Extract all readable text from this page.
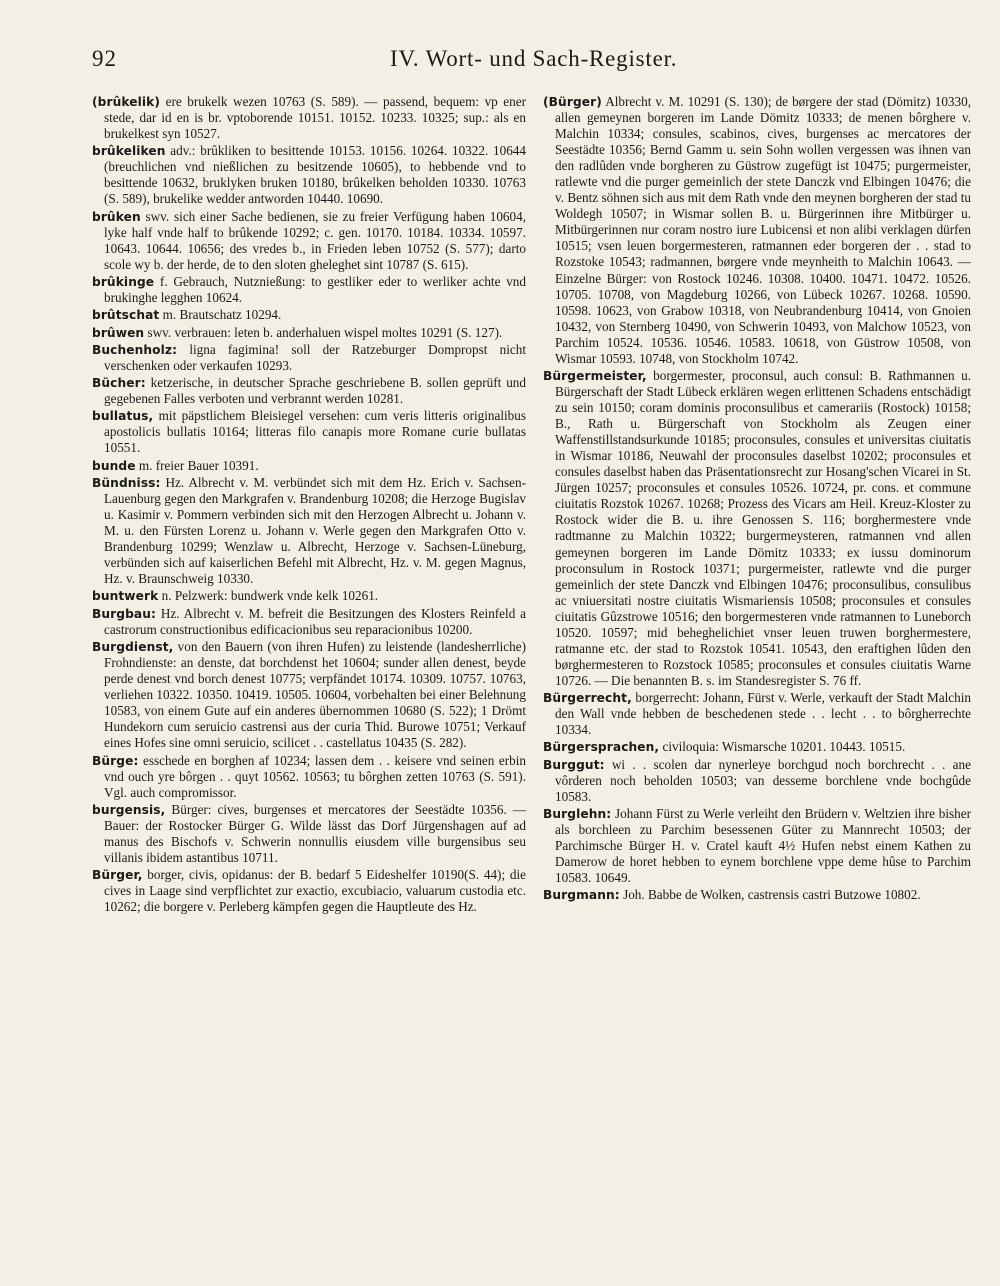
92	IV. Wort- und Sach-Register.

(brûkelik) ere brukelk wezen 10763 (S. 589). — passend, bequem: vp ener stede, dar id en is br. vptoborende 10151. 10152. 10233. 10325; sup.: als en brukelkest syn 10527.

brûkeliken adv.: brûkliken to besittende 10153. 10156. 10264. 10322. 10644 (breuchlichen vnd nießlichen zu besitzende 10605), to hebbende vnd to besittende 10632, bruklyken bruken 10180, brûkelken beholden 10330. 10763 (S. 589), brukelike wedder antworden 10440. 10690.

brûken swv. sich einer Sache bedienen, sie zu freier Verfügung haben 10604, lyke half vnde half to brûkende 10292; c. gen. 10170. 10184. 10334. 10597. 10643. 10644. 10656; des vredes b., in Frieden leben 10752 (S. 577); darto scole wy b. der herde, de to den sloten gheleghet sint 10787 (S. 615).

brûkinge f. Gebrauch, Nutznießung: to gestliker eder to werliker achte vnd brukinghe legghen 10624.

brûtschat m. Brautschatz 10294.

brûwen swv. verbrauen: leten b. anderhaluen wispel moltes 10291 (S. 127).

Buchenholz: ligna fagimina! soll der Ratzeburger Dompropst nicht verschenken oder verkaufen 10293.

Bücher: ketzerische, in deutscher Sprache geschriebene B. sollen geprüft und gegebenen Falles verboten und verbrannt werden 10281.

bullatus, mit päpstlichem Bleisiegel versehen: cum veris litteris originalibus apostolicis bullatis 10164; litteras filo canapis more Romane curie bullatas 10551.

bunde m. freier Bauer 10391.

Bündniss: Hz. Albrecht v. M. verbündet sich mit dem Hz. Erich v. Sachsen-Lauenburg gegen den Markgrafen v. Brandenburg 10208; die Herzoge Bugislav u. Kasimir v. Pommern verbinden sich mit den Herzogen Albrecht u. Johann v. M. u. den Fürsten Lorenz u. Johann v. Werle gegen den Markgrafen Otto v. Brandenburg 10299; Wenzlaw u. Albrecht, Herzoge v. Sachsen-Lüneburg, verbünden sich auf kaiserlichen Befehl mit Albrecht, Hz. v. M. gegen Magnus, Hz. v. Braunschweig 10330.

buntwerk n. Pelzwerk: bundwerk vnde kelk 10261.

Burgbau: Hz. Albrecht v. M. befreit die Besitzungen des Klosters Reinfeld a castrorum constructionibus edificacionibus seu reparacionibus 10200.

Burgdienst, von den Bauern (von ihren Hufen) zu leistende (landesherrliche) Frohndienste: an denste, dat borchdenst het 10604; sunder allen denest, beyde perde denest vnd borch denest 10775; verpfändet 10174. 10309. 10757. 10763, verliehen 10322. 10350. 10419. 10505. 10604, vorbehalten bei einer Belehnung 10583, von einem Gute auf ein anderes übernommen 10680 (S. 522); 1 Drömt Hundekorn cum seruicio castrensi aus der curia Thid. Burowe 10751; Verkauf eines Hofes sine omni seruicio, scilicet . . castellatus 10435 (S. 282).

Bürge: esschede en borghen af 10234; lassen dem . . keisere vnd seinen erbin vnd ouch yre bôrgen . . quyt 10562. 10563; tu bôrghen zetten 10763 (S. 591). Vgl. auch compromissor.

burgensis, Bürger: cives, burgenses et mercatores der Seestädte 10356. — Bauer: der Rostocker Bürger G. Wilde lässt das Dorf Jürgenshagen auf ad manus des Bischofs v. Schwerin nonnullis eiusdem ville burgensibus seu villanis ibidem astantibus 10711.

Bürger, borger, civis, opidanus: der B. bedarf 5 Eideshelfer 10190(S. 44); die cives in Laage sind verpflichtet zur exactio, excubiacio, valuarum custodia etc. 10262; die borgere v. Perleberg kämpfen gegen die Hauptleute des Hz.

(Bürger) Albrecht v. M. 10291 (S. 130); de børgere der stad (Dömitz) 10330, allen gemeynen borgeren im Lande Dömitz 10333; de menen bôrghere v. Malchin 10334; consules, scabinos, cives, burgenses ac mercatores der Seestädte 10356; Bernd Gamm u. sein Sohn wollen vergessen was ihnen van den radlûden vnde borgheren zu Güstrow zugefügt ist 10475; purgermeister, ratlewte vnd die purger gemeinlich der stete Danczk vnd Elbingen 10476; die v. Bentz söhnen sich aus mit dem Rath vnde den meynen borgheren der stad tu Woldegh 10507; in Wismar sollen B. u. Bürgerinnen ihre Mitbürger u. Mitbürgerinnen nur coram nostro iure Lubicensi et non alibi verklagen dürfen 10515; vsen leuen borgermesteren, ratmannen eder borgeren der . . stad to Rozstoke 10543; radmannen, børgere vnde meynheith to Malchin 10643. — Einzelne Bürger: von Rostock 10246. 10308. 10400. 10471. 10472. 10526. 10705. 10708, von Magdeburg 10266, von Lübeck 10267. 10268. 10590. 10598. 10623, von Grabow 10318, von Neubrandenburg 10414, von Gnoien 10432, von Sternberg 10490, von Schwerin 10493, von Malchow 10523, von Parchim 10524. 10536. 10546. 10583. 10618, von Güstrow 10508, von Wismar 10593. 10748, von Stockholm 10742.

Bürgermeister, borgermester, proconsul, auch consul: B. Rathmannen u. Bürgerschaft der Stadt Lübeck erklären wegen erlittenen Schadens entschädigt zu sein 10150; coram dominis proconsulibus et camerariis (Rostock) 10158; B., Rath u. Bürgerschaft von Stockholm als Zeugen einer Waffenstillstandsurkunde 10185; proconsules, consules et universitas ciuitatis in Wismar 10186, Neuwahl der proconsules daselbst 10202; proconsules et consules daselbst haben das Präsentationsrecht zur Hosang'schen Vicarei in St. Jürgen 10257; proconsules et consules 10526. 10724, pr. cons. et commune ciuitatis Rozstok 10267. 10268; Prozess des Vicars am Heil. Kreuz-Kloster zu Rostock wider die B. u. ihre Genossen S. 116; borghermestere vnde radtmanne zu Malchin 10322; burgermeysteren, ratmannen vnd allen gemeynen borgeren im Lande Dömitz 10333; ex iussu dominorum proconsulum in Rostock 10371; purgermeister, ratlewte vnd die purger gemeinlich der stete Danczk vnd Elbingen 10476; proconsulibus, consulibus ac vniuersitati nostre ciuitatis Wismariensis 10508; proconsules et consules ciuitatis Gûzstrowe 10516; den borgermesteren vnde ratmannen to Luneborch 10520. 10597; mid beheghelichiet vnser leuen truwen borghermestere, ratmanne etc. der stad to Rozstok 10541. 10543, den eraftighen lûden den børghermesteren to Rozstock 10585; proconsules et consules ciuitatis Warne 10726. — Die benannten B. s. im Standesregister S. 76 ff.

Bürgerrecht, borgerrecht: Johann, Fürst v. Werle, verkauft der Stadt Malchin den Wall vnde hebben de beschedenen stede . . lecht . . to bôrgherrechte 10334.

Bürgersprachen, civiloquia: Wismarsche 10201. 10443. 10515.

Burggut: wi . . scolen dar nynerleye borchgud noch borchrecht . . ane vôrderen noch beholden 10503; van desseme borchlene vnde bochgûde 10583.

Burglehn: Johann Fürst zu Werle verleiht den Brüdern v. Weltzien ihre bisher als borchleen zu Parchim besessenen Güter zu Mannrecht 10503; der Parchimsche Bürger H. v. Cratel kauft 4½ Hufen nebst einem Kathen zu Damerow de horet hebben to eynem borchlene vppe deme hûse to Parchim 10583. 10649.

Burgmann: Joh. Babbe de Wolken, castrensis castri Butzowe 10802.
